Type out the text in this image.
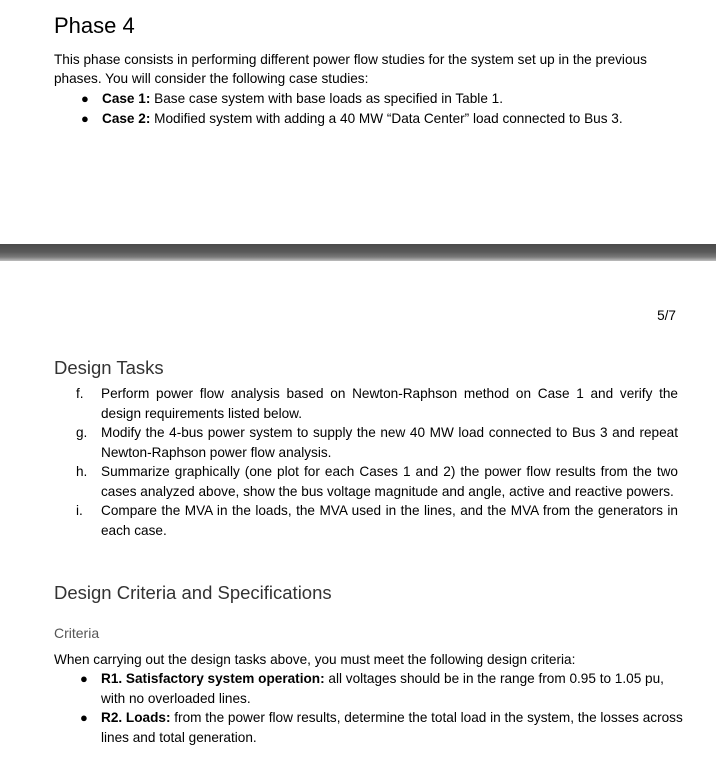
Phase 4

This phase consists in performing different power flow studies for the system set up in the previous phases. You will consider the following case studies:

● Case 1: Base case system with base loads as specified in Table 1.
● Case 2: Modified system with adding a 40 MW “Data Center” load connected to Bus 3.
5/7
Design Tasks
f. Perform power flow analysis based on Newton-Raphson method on Case 1 and verify the design requirements listed below.
g. Modify the 4-bus power system to supply the new 40 MW load connected to Bus 3 and repeat Newton-Raphson power flow analysis.
h. Summarize graphically (one plot for each Cases 1 and 2) the power flow results from the two cases analyzed above, show the bus voltage magnitude and angle, active and reactive powers.
i. Compare the MVA in the loads, the MVA used in the lines, and the MVA from the generators in each case.
Design Criteria and Specifications
Criteria

When carrying out the design tasks above, you must meet the following design criteria:

● R1. Satisfactory system operation: all voltages should be in the range from 0.95 to 1.05 pu, with no overloaded lines.
● R2. Loads: from the power flow results, determine the total load in the system, the losses across lines and total generation.
